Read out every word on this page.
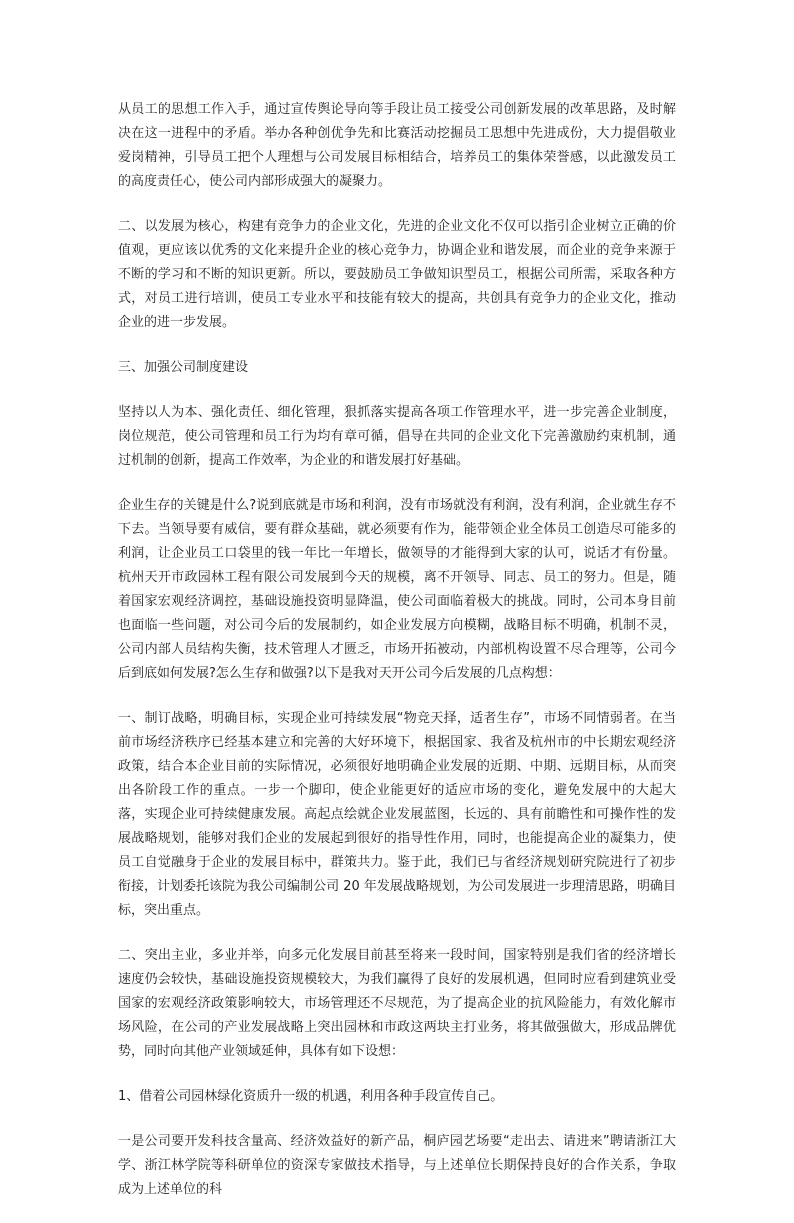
从员工的思想工作入手，通过宣传舆论导向等手段让员工接受公司创新发展的改革思路，及时解决在这一进程中的矛盾。举办各种创优争先和比赛活动挖掘员工思想中先进成份，大力提倡敬业爱岗精神，引导员工把个人理想与公司发展目标相结合，培养员工的集体荣誉感，以此激发员工的高度责任心，使公司内部形成强大的凝聚力。

二、以发展为核心，构建有竞争力的企业文化，先进的企业文化不仅可以指引企业树立正确的价值观，更应该以优秀的文化来提升企业的核心竞争力，协调企业和谐发展，而企业的竞争来源于不断的学习和不断的知识更新。所以，要鼓励员工争做知识型员工，根据公司所需，采取各种方式，对员工进行培训，使员工专业水平和技能有较大的提高，共创具有竞争力的企业文化，推动企业的进一步发展。

三、加强公司制度建设

坚持以人为本、强化责任、细化管理，狠抓落实提高各项工作管理水平，进一步完善企业制度，岗位规范，使公司管理和员工行为均有章可循，倡导在共同的企业文化下完善激励约束机制，通过机制的创新，提高工作效率，为企业的和谐发展打好基础。

企业生存的关键是什么?说到底就是市场和利润，没有市场就没有利润，没有利润，企业就生存不下去。当领导要有威信，要有群众基础，就必须要有作为，能带领企业全体员工创造尽可能多的利润，让企业员工口袋里的钱一年比一年增长，做领导的才能得到大家的认可，说话才有份量。杭州天开市政园林工程有限公司发展到今天的规模，离不开领导、同志、员工的努力。但是，随着国家宏观经济调控，基础设施投资明显降温，使公司面临着极大的挑战。同时，公司本身目前也面临一些问题，对公司今后的发展制约，如企业发展方向模糊，战略目标不明确，机制不灵，公司内部人员结构失衡，技术管理人才匮乏，市场开拓被动，内部机构设置不尽合理等，公司今后到底如何发展?怎么生存和做强?以下是我对天开公司今后发展的几点构想：

一、制订战略，明确目标，实现企业可持续发展“物竞天择，适者生存”，市场不同情弱者。在当前市场经济秩序已经基本建立和完善的大好环境下，根据国家、我省及杭州市的中长期宏观经济政策，结合本企业目前的实际情况，必须很好地明确企业发展的近期、中期、远期目标，从而突出各阶段工作的重点。一步一个脚印，使企业能更好的适应市场的变化，避免发展中的大起大落，实现企业可持续健康发展。高起点绘就企业发展蓝图，长远的、具有前瞻性和可操作性的发展战略规划，能够对我们企业的发展起到很好的指导性作用，同时，也能提高企业的凝集力，使员工自觉融身于企业的发展目标中，群策共力。鉴于此，我们已与省经济规划研究院进行了初步衔接，计划委托该院为我公司编制公司 20 年发展战略规划，为公司发展进一步理清思路，明确目标，突出重点。

二、突出主业，多业并举，向多元化发展目前甚至将来一段时间，国家特别是我们省的经济增长速度仍会较快，基础设施投资规模较大，为我们赢得了良好的发展机遇，但同时应看到建筑业受国家的宏观经济政策影响较大，市场管理还不尽规范，为了提高企业的抗风险能力，有效化解市场风险，在公司的产业发展战略上突出园林和市政这两块主打业务，将其做强做大，形成品牌优势，同时向其他产业领域延伸，具体有如下设想：

1、借着公司园林绿化资质升一级的机遇，利用各种手段宣传自己。

一是公司要开发科技含量高、经济效益好的新产品，桐庐园艺场要“走出去、请进来”聘请浙江大学、浙江林学院等科研单位的资深专家做技术指导，与上述单位长期保持良好的合作关系，争取成为上述单位的科
